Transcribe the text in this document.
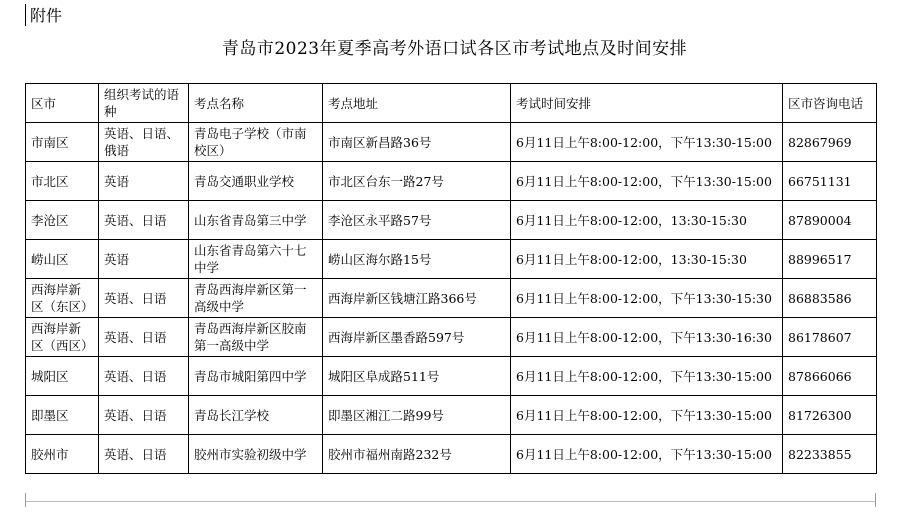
附件
青岛市2023年夏季高考外语口试各区市考试地点及时间安排
区市	组织考试的语种	考点名称	考点地址	考试时间安排	区市咨询电话
市南区	英语、日语、俄语	青岛电子学校（市南校区）	市南区新昌路36号	6月11日上午8:00-12:00，下午13:30-15:00	82867969
市北区	英语	青岛交通职业学校	市北区台东一路27号	6月11日上午8:00-12:00，下午13:30-15:00	66751131
李沧区	英语、日语	山东省青岛第三中学	李沧区永平路57号	6月11日上午8:00-12:00，13:30-15:30	87890004
崂山区	英语	山东省青岛第六十七中学	崂山区海尔路15号	6月11日上午8:00-12:00，13:30-15:30	88996517
西海岸新区（东区）	英语、日语	青岛西海岸新区第一高级中学	西海岸新区钱塘江路366号	6月11日上午8:00-12:00，下午13:30-15:30	86883586
西海岸新区（西区）	英语、日语	青岛西海岸新区胶南第一高级中学	西海岸新区墨香路597号	6月11日上午8:00-12:00，下午13:30-16:30	86178607
城阳区	英语、日语	青岛市城阳第四中学	城阳区阜成路511号	6月11日上午8:00-12:00，下午13:30-15:00	87866066
即墨区	英语、日语	青岛长江学校	即墨区湘江二路99号	6月11日上午8:00-12:00，下午13:30-15:00	81726300
胶州市	英语、日语	胶州市实验初级中学	胶州市福州南路232号	6月11日上午8:00-12:00，下午13:30-15:00	82233855
